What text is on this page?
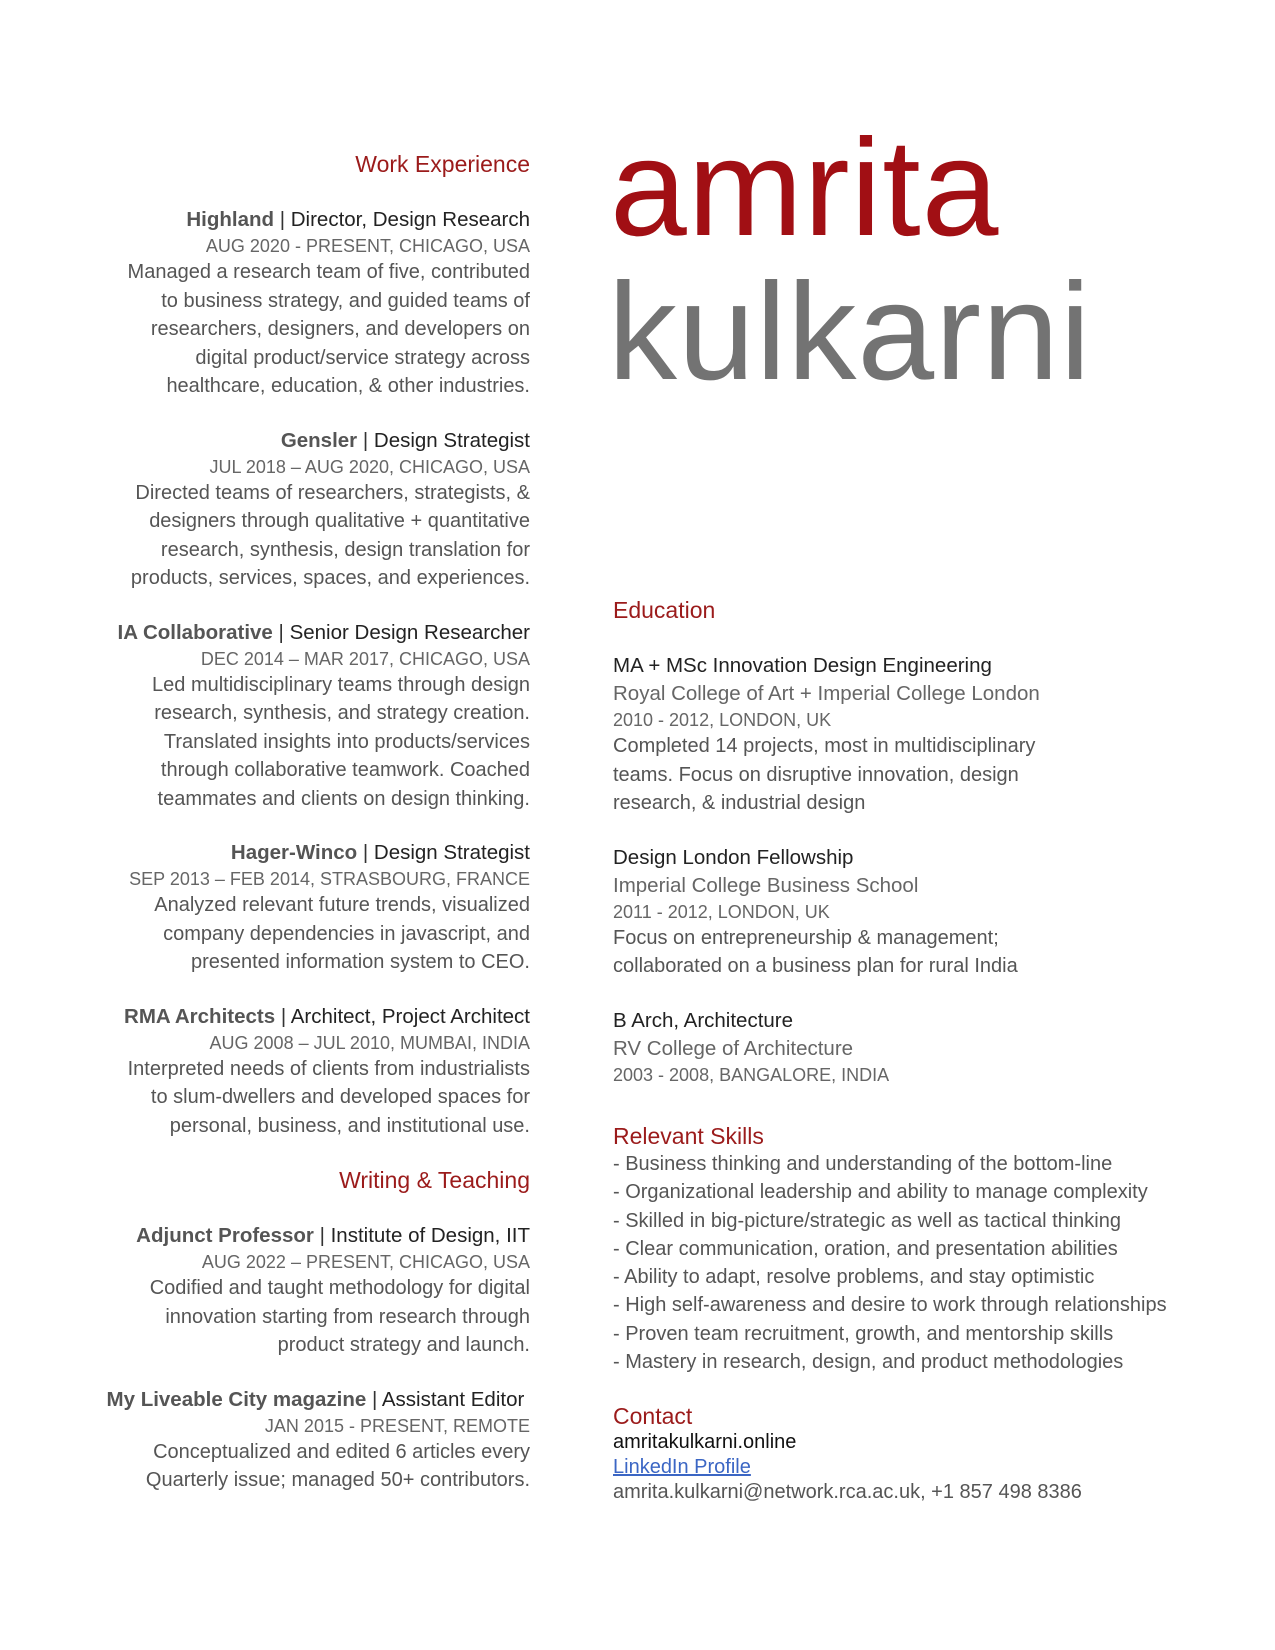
Work Experience
Highland | Director, Design Research
AUG 2020 - PRESENT, CHICAGO, USA
Managed a research team of five, contributed
to business strategy, and guided teams of
researchers, designers, and developers on
digital product/service strategy across
healthcare, education, & other industries.
Gensler | Design Strategist
JUL 2018 – AUG 2020, CHICAGO, USA
Directed teams of researchers, strategists, &
designers through qualitative + quantitative
research, synthesis, design translation for
products, services, spaces, and experiences.
IA Collaborative | Senior Design Researcher
DEC 2014 – MAR 2017, CHICAGO, USA
Led multidisciplinary teams through design
research, synthesis, and strategy creation.
Translated insights into products/services
through collaborative teamwork. Coached
teammates and clients on design thinking.
Hager-Winco | Design Strategist
SEP 2013 – FEB 2014, STRASBOURG, FRANCE
Analyzed relevant future trends, visualized
company dependencies in javascript, and
presented information system to CEO.
RMA Architects | Architect, Project Architect
AUG 2008 – JUL 2010, MUMBAI, INDIA
Interpreted needs of clients from industrialists
to slum-dwellers and developed spaces for
personal, business, and institutional use.
Writing & Teaching
Adjunct Professor | Institute of Design, IIT
AUG 2022 – PRESENT, CHICAGO, USA
Codified and taught methodology for digital
innovation starting from research through
product strategy and launch.
My Liveable City magazine | Assistant Editor
JAN 2015 - PRESENT, REMOTE
Conceptualized and edited 6 articles every
Quarterly issue; managed 50+ contributors.
amrita
kulkarni
Education
MA + MSc Innovation Design Engineering
Royal College of Art + Imperial College London
2010 - 2012, LONDON, UK
Completed 14 projects, most in multidisciplinary
teams. Focus on disruptive innovation, design
research, & industrial design
Design London Fellowship
Imperial College Business School
2011 - 2012, LONDON, UK
Focus on entrepreneurship & management;
collaborated on a business plan for rural India
B Arch, Architecture
RV College of Architecture
2003 - 2008, BANGALORE, INDIA
Relevant Skills
- Business thinking and understanding of the bottom-line
- Organizational leadership and ability to manage complexity
- Skilled in big-picture/strategic as well as tactical thinking
- Clear communication, oration, and presentation abilities
- Ability to adapt, resolve problems, and stay optimistic
- High self-awareness and desire to work through relationships
- Proven team recruitment, growth, and mentorship skills
- Mastery in research, design, and product methodologies
Contact
amritakulkarni.online
LinkedIn Profile
amrita.kulkarni@network.rca.ac.uk, +1 857 498 8386
